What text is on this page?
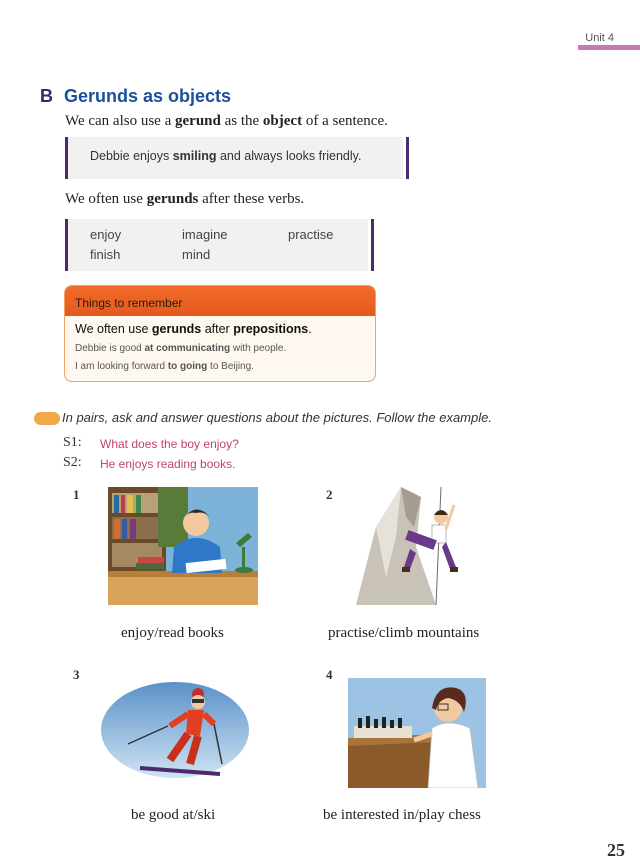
Unit 4
B Gerunds as objects
We can also use a gerund as the object of a sentence.
Debbie enjoys smiling and always looks friendly.
We often use gerunds after these verbs.
enjoy	imagine	practise
finish	mind
Things to remember
We often use gerunds after prepositions.
Debbie is good at communicating with people.
I am looking forward to going to Beijing.
In pairs, ask and answer questions about the pictures. Follow the example.
S1: What does the boy enjoy?
S2: He enjoys reading books.
1	2
3	4
enjoy/read books	practise/climb mountains
be good at/ski	be interested in/play chess
25
